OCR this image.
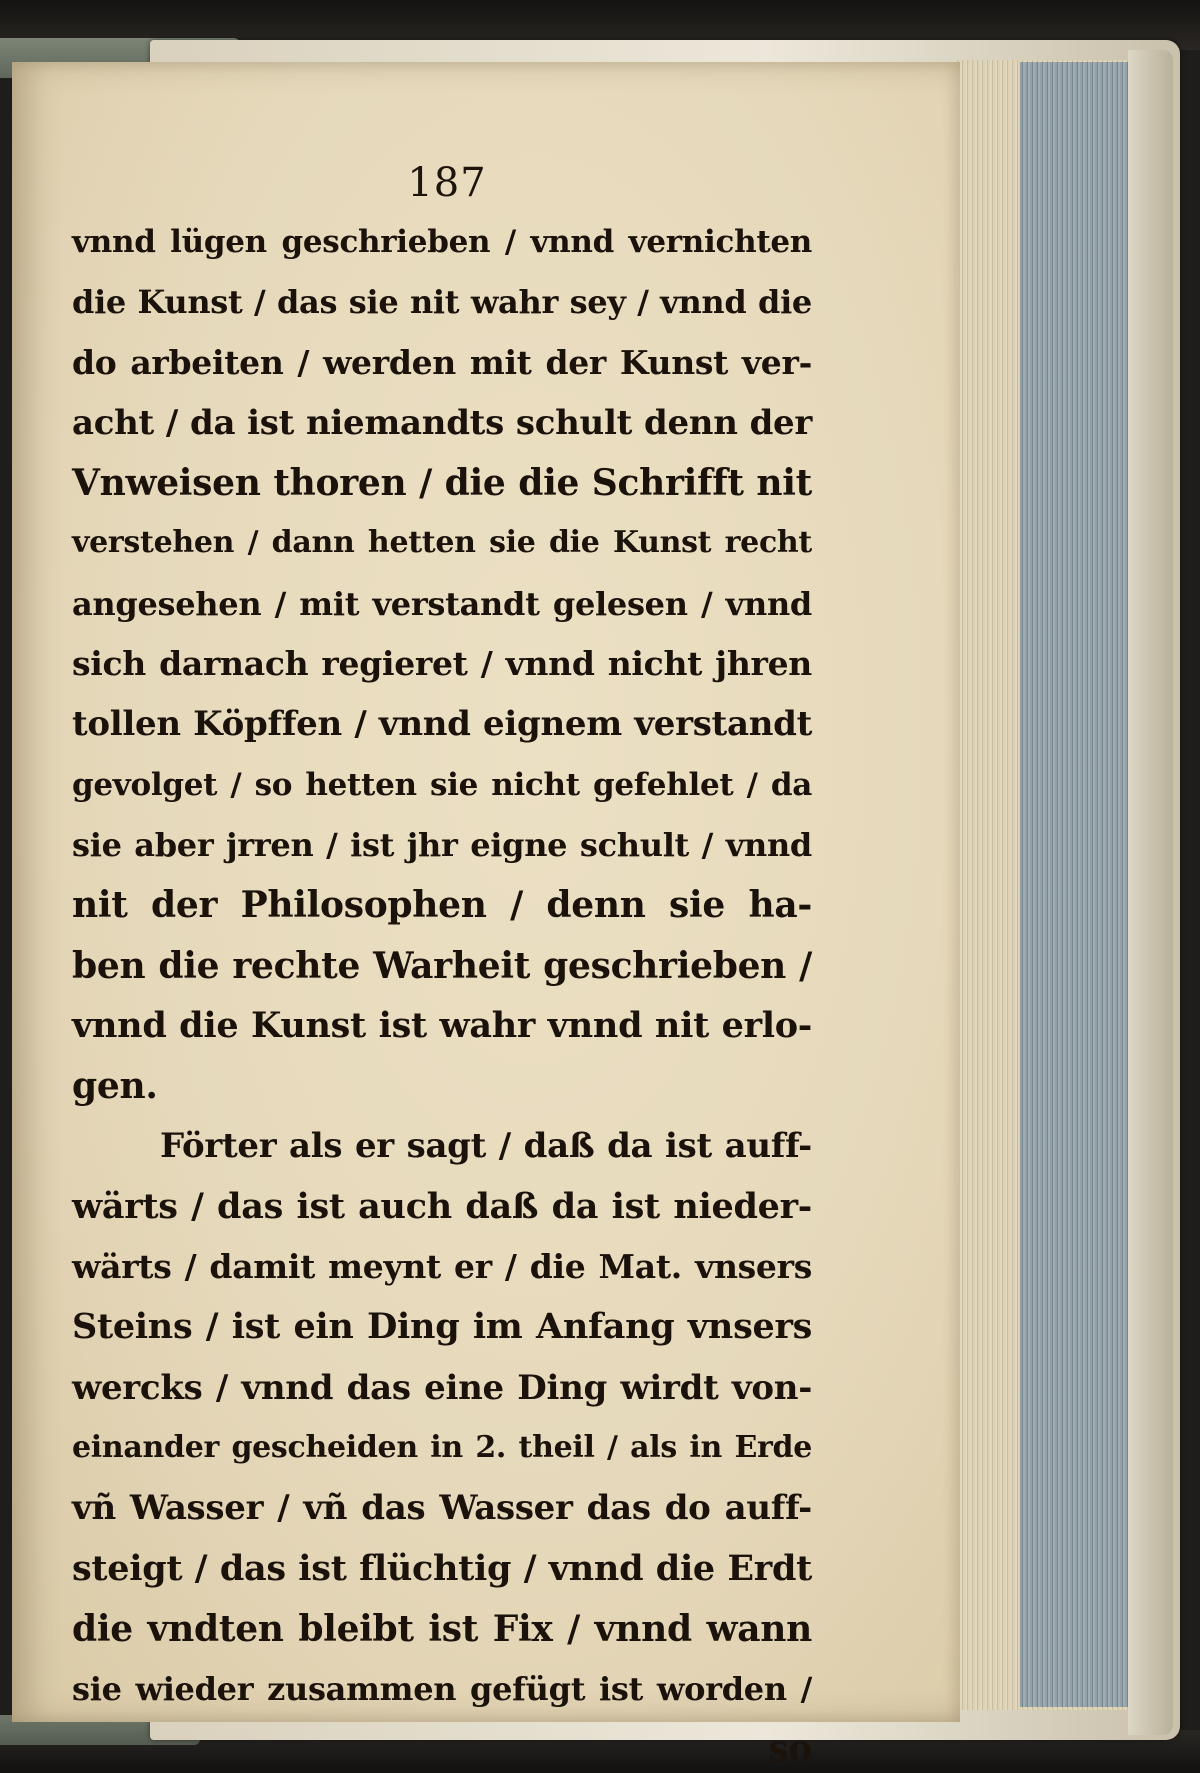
187
vnnd lügen geschrieben / vnnd vernichten
die Kunst / das sie nit wahr sey / vnnd die
do arbeiten / werden mit der Kunst ver-
acht / da ist niemandts schult denn der
Vnweisen thoren / die die Schrifft nit
verstehen / dann hetten sie die Kunst recht
angesehen / mit verstandt gelesen / vnnd
sich darnach regieret / vnnd nicht jhren
tollen Köpffen / vnnd eignem verstandt
gevolget / so hetten sie nicht gefehlet / da
sie aber jrren / ist jhr eigne schult / vnnd
nit der Philosophen / denn sie ha-
ben die rechte Warheit geschrieben /
vnnd die Kunst ist wahr vnnd nit erlo-
gen.
Förter als er sagt / daß da ist auff-
wärts / das ist auch daß da ist nieder-
wärts / damit meynt er / die Mat. vnsers
Steins / ist ein Ding im Anfang vnsers
wercks / vnnd das eine Ding wirdt von-
einander gescheiden in 2. theil / als in Erde
vñ Wasser / vñ das Wasser das do auff-
steigt / das ist flüchtig / vnnd die Erdt
die vndten bleibt ist Fix / vnnd wann
sie wieder zusammen gefügt ist worden /
so
